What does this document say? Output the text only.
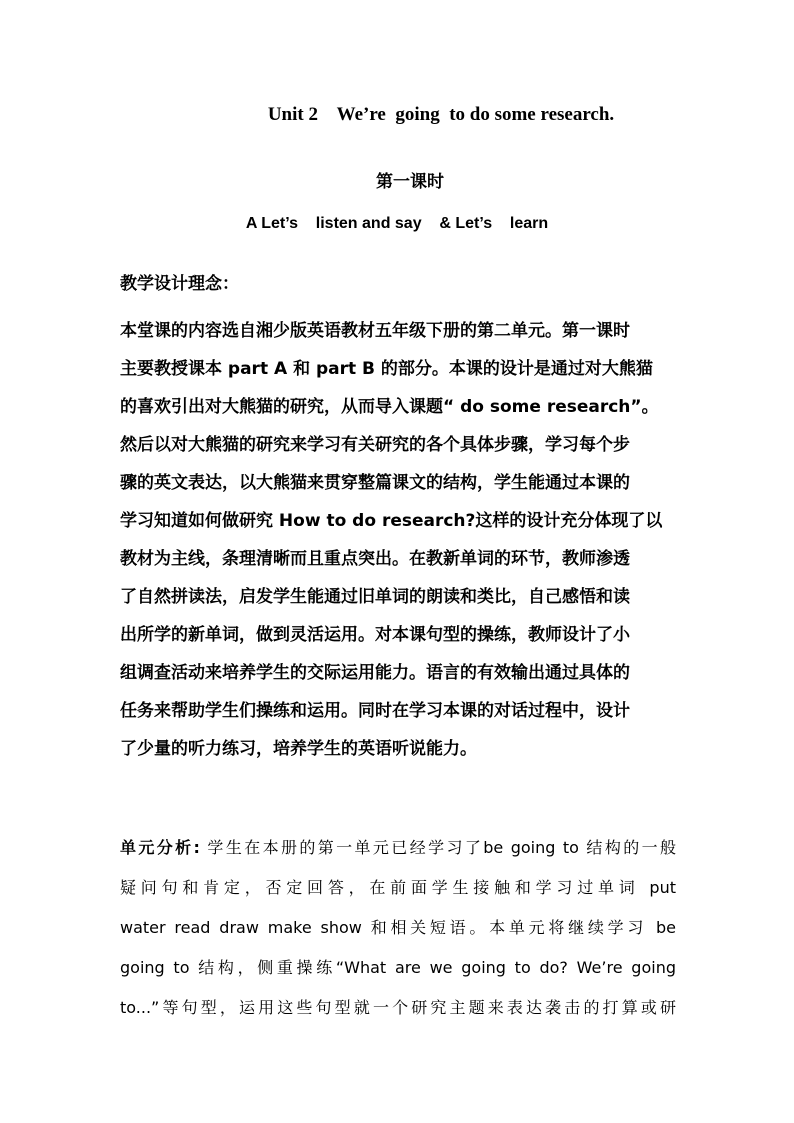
Unit 2    We’re  going  to do some research.
第一课时
A Let’s    listen and say    & Let’s    learn
教学设计理念：
本堂课的内容选自湘少版英语教材五年级下册的第二单元。第一课时
主要教授课本 part A 和 part B 的部分。本课的设计是通过对大熊猫
的喜欢引出对大熊猫的研究，从而导入课题“ do some research”。
然后以对大熊猫的研究来学习有关研究的各个具体步骤，学习每个步
骤的英文表达，以大熊猫来贯穿整篇课文的结构，学生能通过本课的
学习知道如何做研究 How to do research?这样的设计充分体现了以
教材为主线，条理清晰而且重点突出。在教新单词的环节，教师渗透
了自然拼读法，启发学生能通过旧单词的朗读和类比，自己感悟和读
出所学的新单词，做到灵活运用。对本课句型的操练，教师设计了小
组调查活动来培养学生的交际运用能力。语言的有效输出通过具体的
任务来帮助学生们操练和运用。同时在学习本课的对话过程中，设计
了少量的听力练习，培养学生的英语听说能力。
单元分析: 学生在本册的第一单元已经学习了be going to 结构的一般
疑问句和肯定，否定回答，在前面学生接触和学习过单词 put
water read draw make show 和相关短语。本单元将继续学习 be
going to 结构，侧重操练“What are we going to do? We’re going
to...”等句型，运用这些句型就一个研究主题来表达袭击的打算或研
